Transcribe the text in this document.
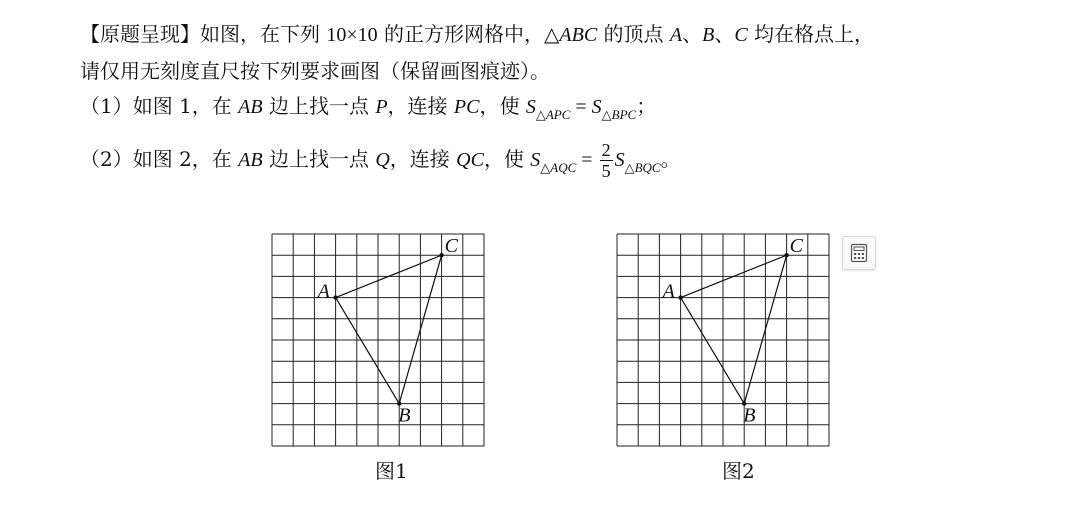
【原题呈现】如图，在下列 10×10 的正方形网格中，△ABC 的顶点 A、B、C 均在格点上，
请仅用无刻度直尺按下列要求画图（保留画图痕迹）。
（1）如图 1，在 AB 边上找一点 P，连接 PC，使 $S_{\triangle APC} = S_{\triangle BPC}$；
（2）如图 2，在 AB 边上找一点 Q，连接 QC，使 $S_{\triangle AQC} = \frac{2}{5} S_{\triangle BQC}$。
A
B
C
图1
A
B
C
图2
